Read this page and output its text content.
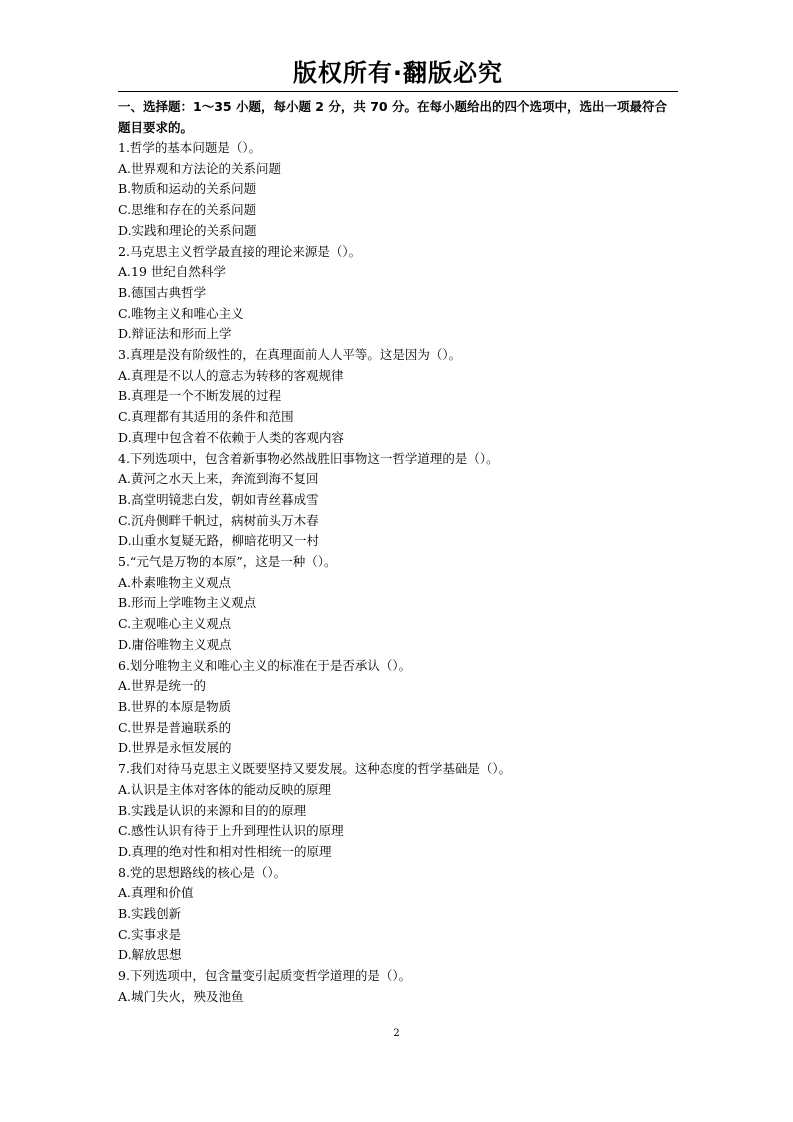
版权所有·翻版必究

一、选择题：1～35 小题，每小题 2 分，共 70 分。在每小题给出的四个选项中，选出一项最符合题目要求的。

1.哲学的基本问题是（）。

A.世界观和方法论的关系问题

B.物质和运动的关系问题

C.思维和存在的关系问题

D.实践和理论的关系问题

2.马克思主义哲学最直接的理论来源是（）。

A.19 世纪自然科学

B.德国古典哲学

C.唯物主义和唯心主义

D.辩证法和形而上学

3.真理是没有阶级性的，在真理面前人人平等。这是因为（）。

A.真理是不以人的意志为转移的客观规律

B.真理是一个不断发展的过程

C.真理都有其适用的条件和范围

D.真理中包含着不依赖于人类的客观内容

4.下列选项中，包含着新事物必然战胜旧事物这一哲学道理的是（）。

A.黄河之水天上来，奔流到海不复回

B.高堂明镜悲白发，朝如青丝暮成雪

C.沉舟侧畔千帆过，病树前头万木春

D.山重水复疑无路，柳暗花明又一村

5.“元气是万物的本原”，这是一种（）。

A.朴素唯物主义观点

B.形而上学唯物主义观点

C.主观唯心主义观点

D.庸俗唯物主义观点

6.划分唯物主义和唯心主义的标准在于是否承认（）。

A.世界是统一的

B.世界的本原是物质

C.世界是普遍联系的

D.世界是永恒发展的

7.我们对待马克思主义既要坚持又要发展。这种态度的哲学基础是（）。

A.认识是主体对客体的能动反映的原理

B.实践是认识的来源和目的的原理

C.感性认识有待于上升到理性认识的原理

D.真理的绝对性和相对性相统一的原理

8.党的思想路线的核心是（）。

A.真理和价值

B.实践创新

C.实事求是

D.解放思想

9.下列选项中，包含量变引起质变哲学道理的是（）。

A.城门失火，殃及池鱼

2
